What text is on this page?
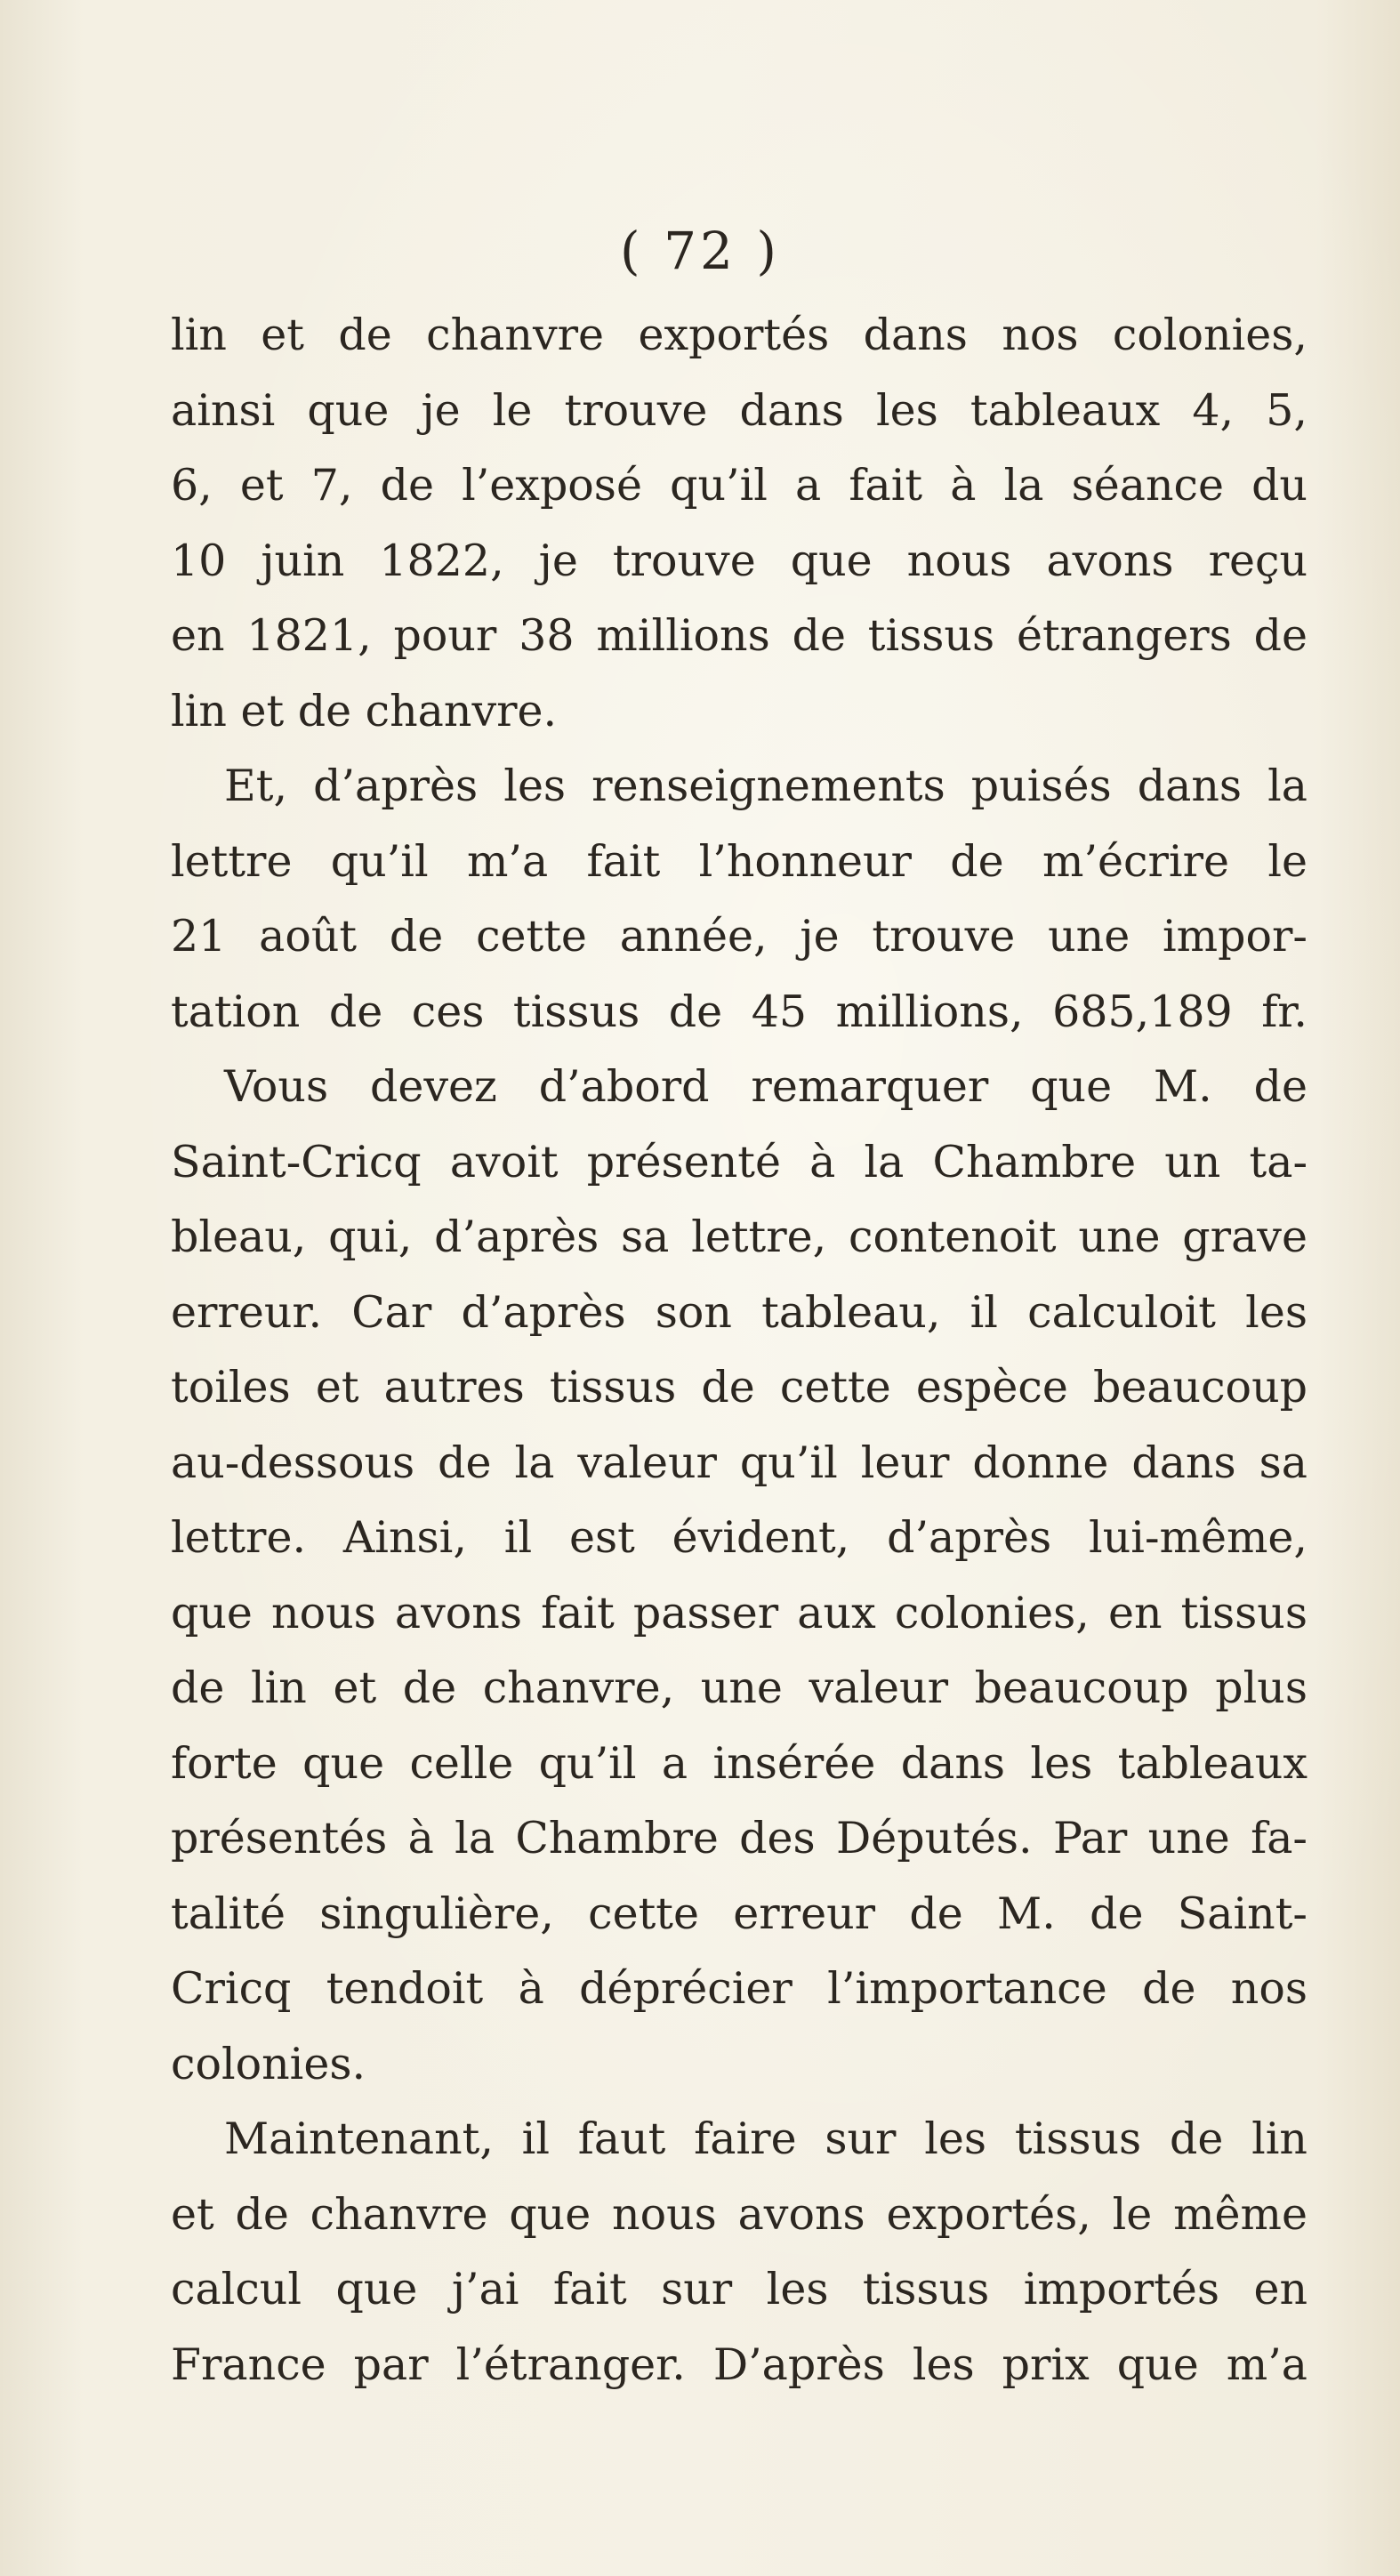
( 72 )
lin et de chanvre exportés dans nos colonies,
ainsi que je le trouve dans les tableaux 4, 5,
6, et 7, de l’exposé qu’il a fait à la séance du
10 juin 1822, je trouve que nous avons reçu
en 1821, pour 38 millions de tissus étrangers de
lin et de chanvre.
Et, d’après les renseignements puisés dans la
lettre qu’il m’a fait l’honneur de m’écrire le
21 août de cette année, je trouve une impor-
tation de ces tissus de 45 millions, 685,189 fr.
Vous devez d’abord remarquer que M. de
Saint-Cricq avoit présenté à la Chambre un ta-
bleau, qui, d’après sa lettre, contenoit une grave
erreur. Car d’après son tableau, il calculoit les
toiles et autres tissus de cette espèce beaucoup
au-dessous de la valeur qu’il leur donne dans sa
lettre. Ainsi, il est évident, d’après lui-même,
que nous avons fait passer aux colonies, en tissus
de lin et de chanvre, une valeur beaucoup plus
forte que celle qu’il a insérée dans les tableaux
présentés à la Chambre des Députés. Par une fa-
talité singulière, cette erreur de M. de Saint-
Cricq tendoit à déprécier l’importance de nos
colonies.
Maintenant, il faut faire sur les tissus de lin
et de chanvre que nous avons exportés, le même
calcul que j’ai fait sur les tissus importés en
France par l’étranger. D’après les prix que m’a
